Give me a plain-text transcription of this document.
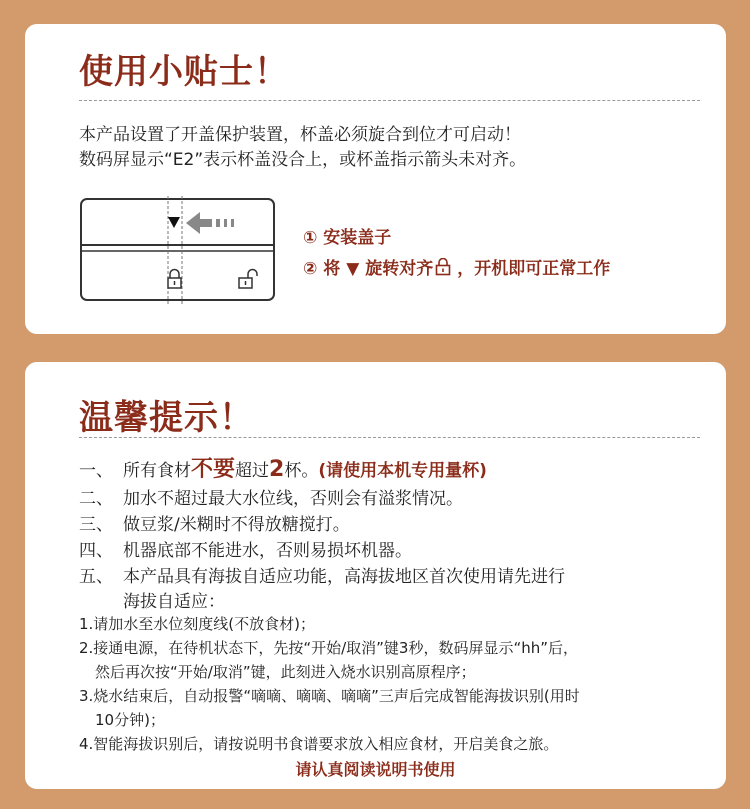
使用小贴士！
本产品设置了开盖保护装置，杯盖必须旋合到位才可启动！
数码屏显示“E2”表示杯盖没合上，或杯盖指示箭头未对齐。
① 安装盖子
② 将 ▼ 旋转对齐 ，开机即可正常工作
温馨提示！
一、 所有食材不要超过2杯。(请使用本机专用量杯)
二、 加水不超过最大水位线，否则会有溢浆情况。
三、 做豆浆/米糊时不得放糖搅打。
四、 机器底部不能进水，否则易损坏机器。
五、 本产品具有海拔自适应功能，高海拔地区首次使用请先进行
海拔自适应：
1.请加水至水位刻度线(不放食材)；
2.接通电源，在待机状态下，先按“开始/取消”键3秒，数码屏显示“hh”后，
然后再次按“开始/取消”键，此刻进入烧水识别高原程序；
3.烧水结束后，自动报警“嘀嘀、嘀嘀、嘀嘀”三声后完成智能海拔识别(用时
10分钟)；
4.智能海拔识别后，请按说明书食谱要求放入相应食材，开启美食之旅。
请认真阅读说明书使用
